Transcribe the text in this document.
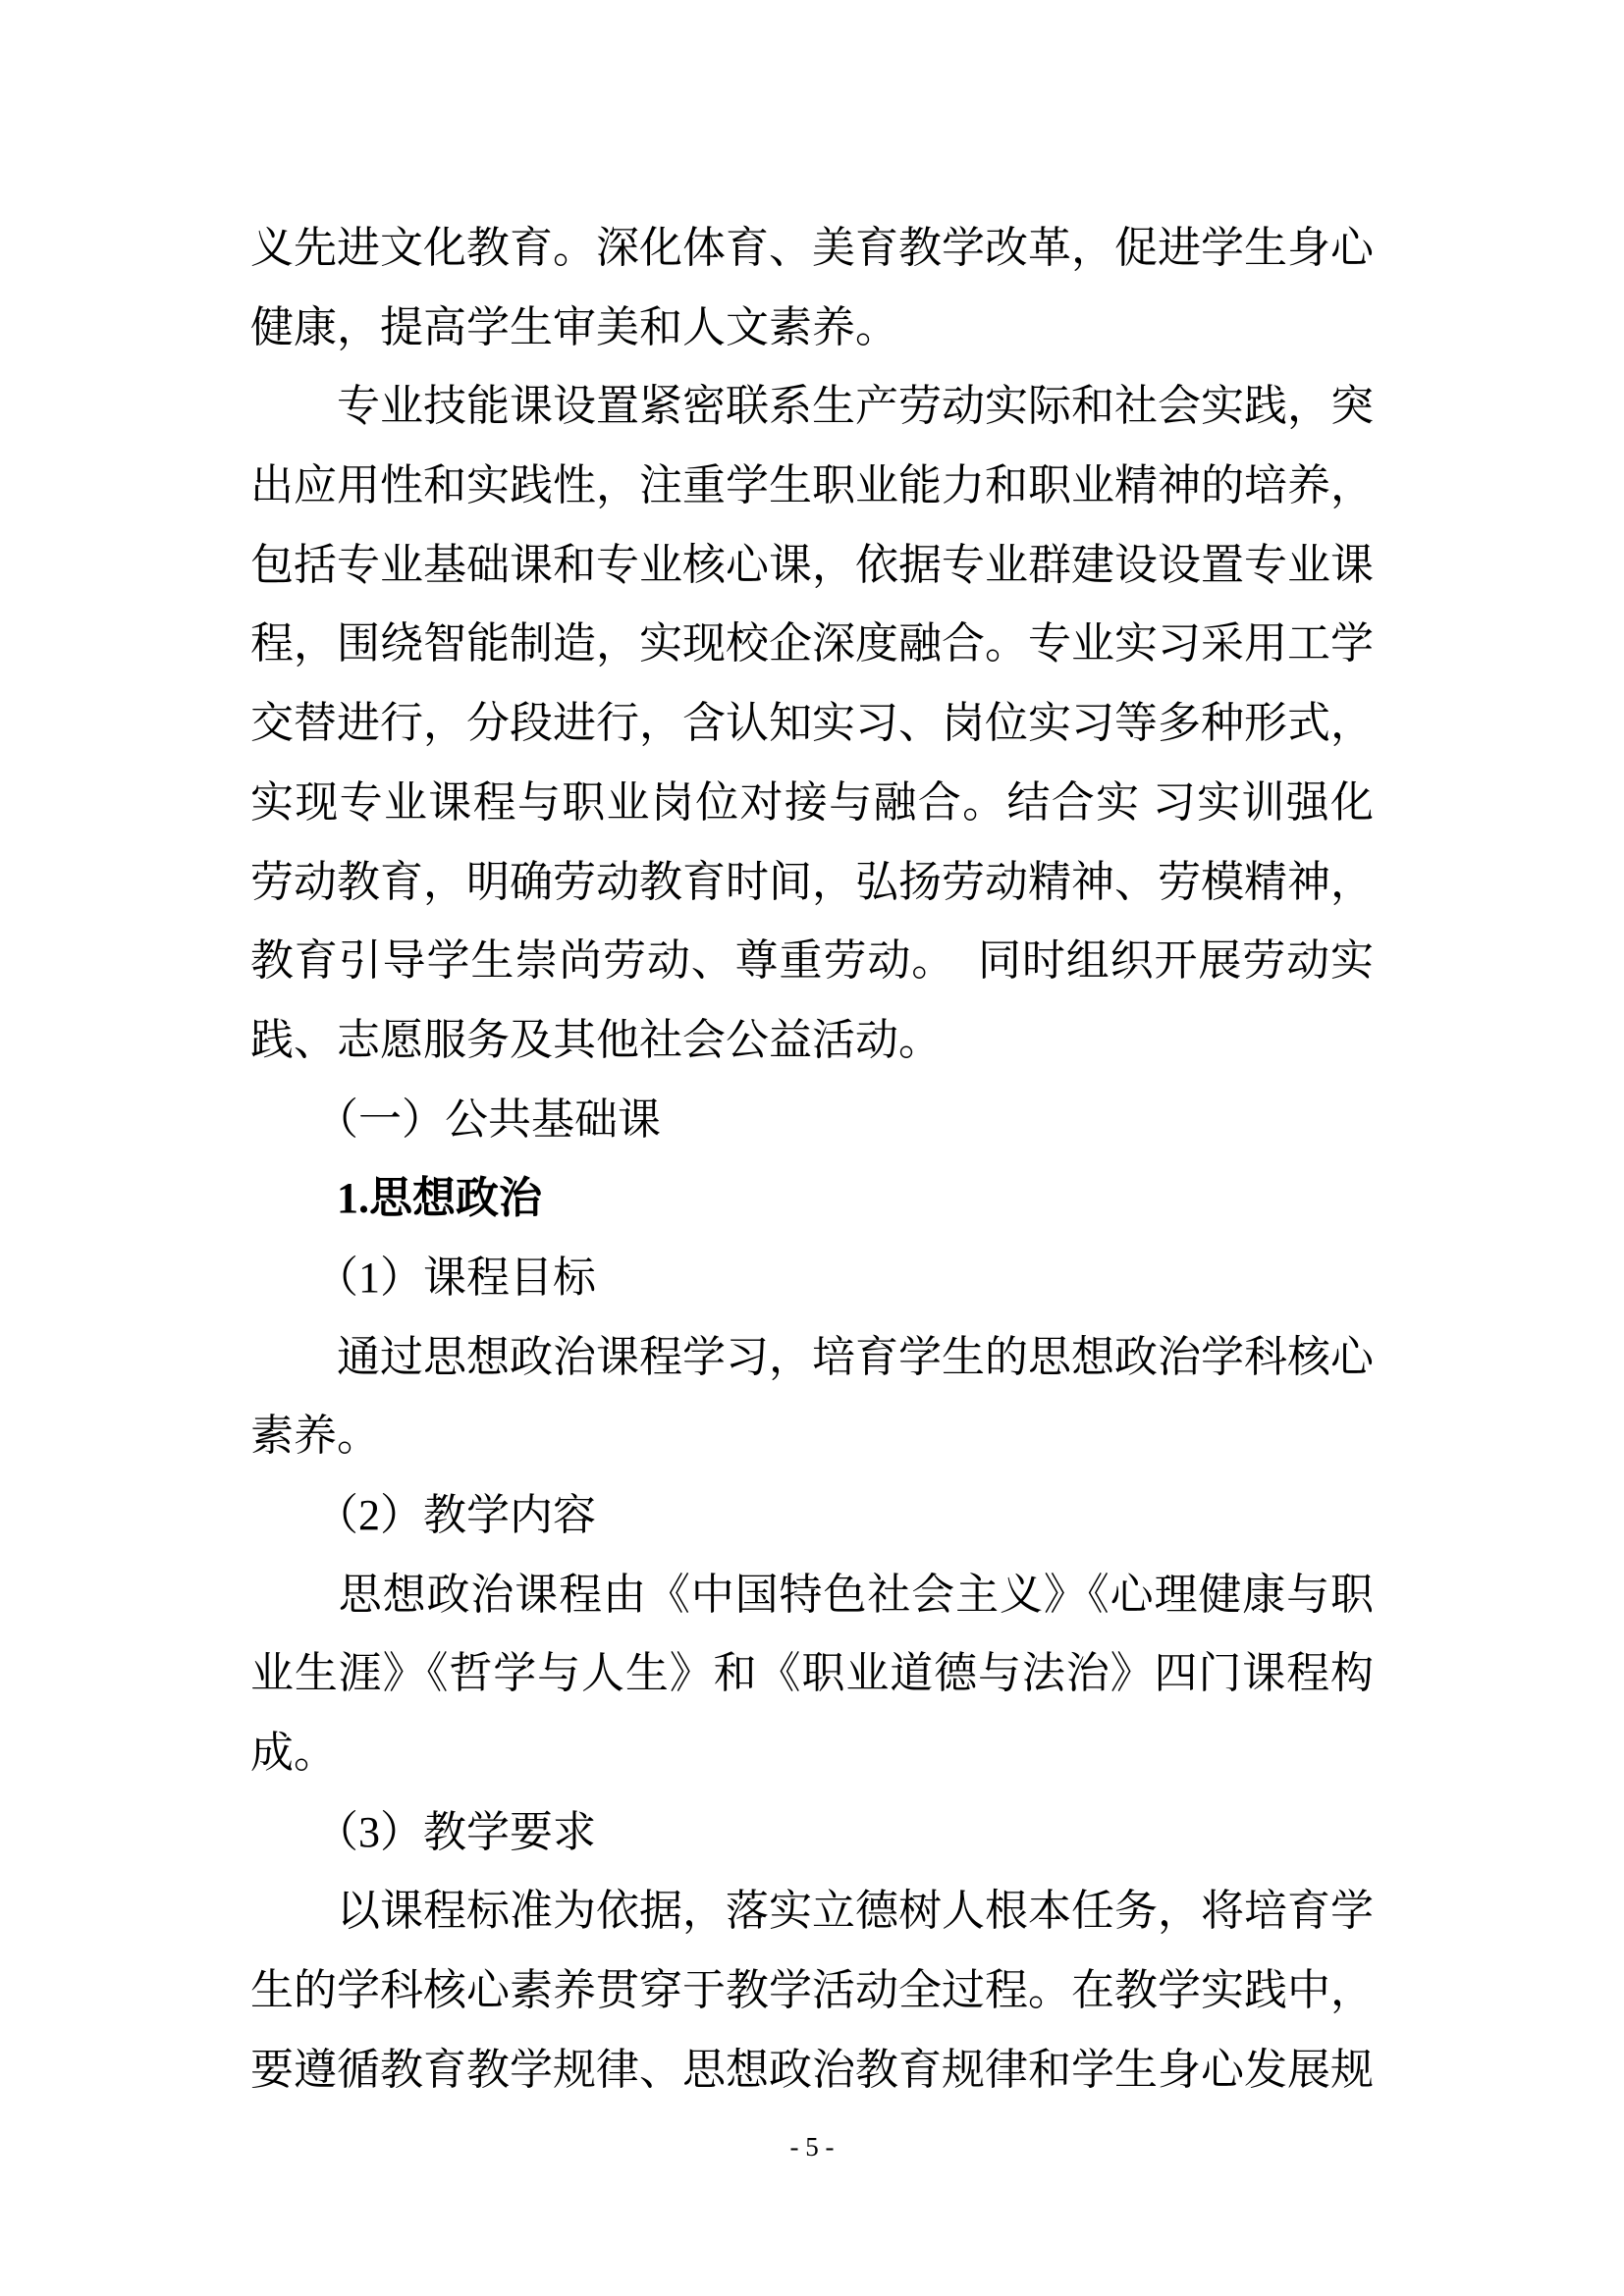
义先进文化教育。深化体育、美育教学改革，促进学生身心
健康，提高学生审美和人文素养。
　　专业技能课设置紧密联系生产劳动实际和社会实践，突
出应用性和实践性，注重学生职业能力和职业精神的培养，
包括专业基础课和专业核心课，依据专业群建设设置专业课
程，围绕智能制造，实现校企深度融合。专业实习采用工学
交替进行，分段进行，含认知实习、岗位实习等多种形式，
实现专业课程与职业岗位对接与融合。结合实 习实训强化
劳动教育，明确劳动教育时间，弘扬劳动精神、劳模精神，
教育引导学生崇尚劳动、尊重劳动。　同时组织开展劳动实
践、志愿服务及其他社会公益活动。
　　（一）公共基础课
　　1.思想政治
　　（1）课程目标
　　通过思想政治课程学习，培育学生的思想政治学科核心
素养。
　　（2）教学内容
　　思想政治课程由《中国特色社会主义》《心理健康与职
业生涯》《哲学与人生》和《职业道德与法治》四门课程构
成。
　　（3）教学要求
　　以课程标准为依据，落实立德树人根本任务，将培育学
生的学科核心素养贯穿于教学活动全过程。在教学实践中，
要遵循教育教学规律、思想政治教育规律和学生身心发展规
- 5 -
